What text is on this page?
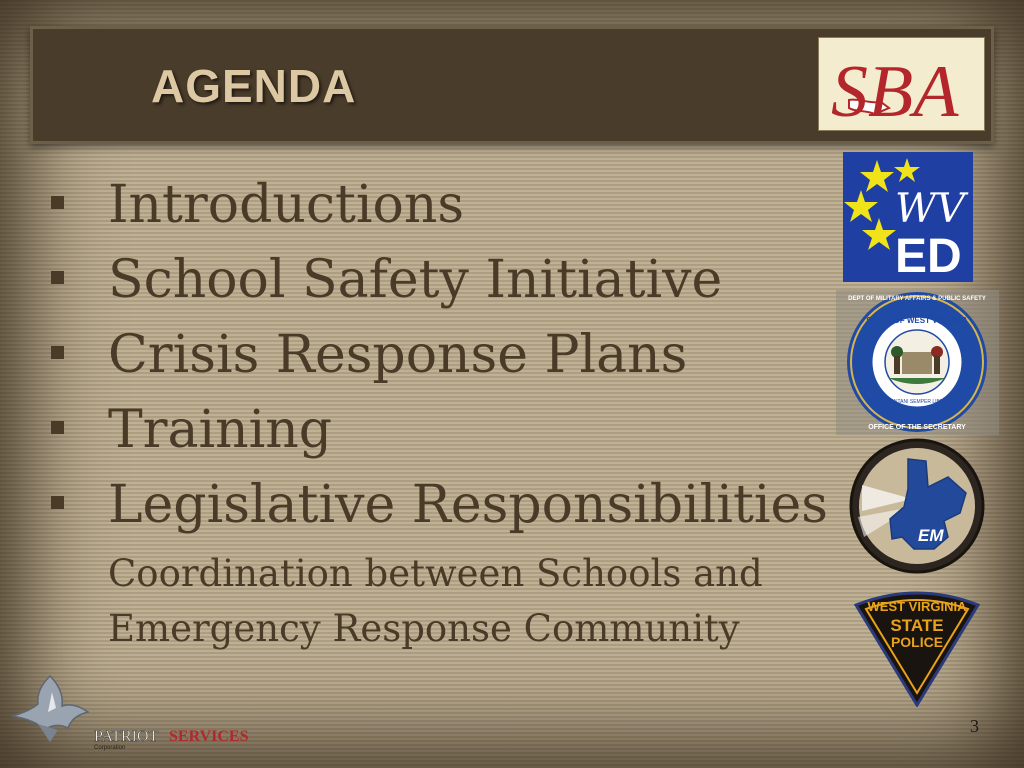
AGENDA	SBA
Introductions
School Safety Initiative
Crisis Response Plans
Training
Legislative Responsibilities
Coordination between Schools and
Emergency Response Community
WV
ED
STATE OF WEST VIRGINIA
MONTANI SEMPER LIBERI
DEPT OF MILITARY AFFAIRS & PUBLIC SAFETY
OFFICE OF THE SECRETARY
EM
WEST VIRGINIA
STATE
POLICE
PATRIOT SERVICES
Corporation
3
